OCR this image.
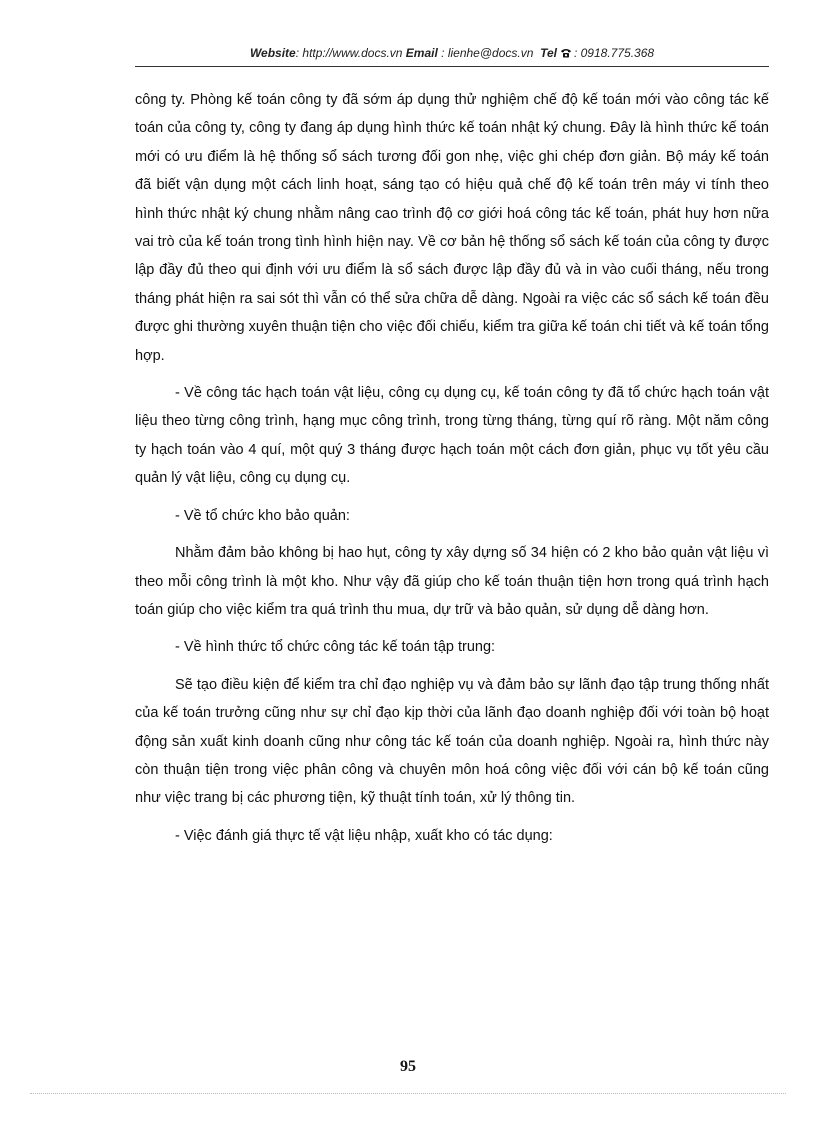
Website: http://www.docs.vn Email : lienhe@docs.vn Tel : 0918.775.368

công ty. Phòng kế toán công ty đã sớm áp dụng thử nghiệm chế độ kế toán mới vào công tác kế toán của công ty, công ty đang áp dụng hình thức kế toán nhật ký chung. Đây là hình thức kế toán mới có ưu điểm là hệ thống sổ sách tương đối gon nhẹ, việc ghi chép đơn giản. Bộ máy kế toán đã biết vận dụng một cách linh hoạt, sáng tạo có hiệu quả chế độ kế toán trên máy vi tính theo hình thức nhật ký chung nhằm nâng cao trình độ cơ giới hoá công tác kế toán, phát huy hơn nữa vai trò của kế toán trong tình hình hiện nay. Về cơ bản hệ thống sổ sách kế toán của công ty được lập đầy đủ theo qui định với ưu điểm là sổ sách được lập đầy đủ và in vào cuối tháng, nếu trong tháng phát hiện ra sai sót thì vẫn có thể sửa chữa dễ dàng. Ngoài ra việc các sổ sách kế toán đều được ghi thường xuyên thuận tiện cho việc đối chiếu, kiểm tra giữa kế toán chi tiết và kế toán tổng hợp.

- Về công tác hạch toán vật liệu, công cụ dụng cụ, kế toán công ty đã tổ chức hạch toán vật liệu theo từng công trình, hạng mục công trình, trong từng tháng, từng quí rõ ràng. Một năm công ty hạch toán vào 4 quí, một quý 3 tháng được hạch toán một cách đơn giản, phục vụ tốt yêu cầu quản lý vật liệu, công cụ dụng cụ.

- Về tổ chức kho bảo quản:

Nhằm đảm bảo không bị hao hụt, công ty xây dựng số 34 hiện có 2 kho bảo quản vật liệu vì theo mỗi công trình là một kho. Như vậy đã giúp cho kế toán thuận tiện hơn trong quá trình hạch toán giúp cho việc kiểm tra quá trình thu mua, dự trữ và bảo quản, sử dụng dễ dàng hơn.

- Về hình thức tổ chức công tác kế toán tập trung:

Sẽ tạo điều kiện để kiểm tra chỉ đạo nghiệp vụ và đảm bảo sự lãnh đạo tập trung thống nhất của kế toán trưởng cũng như sự chỉ đạo kịp thời của lãnh đạo doanh nghiệp đối với toàn bộ hoạt động sản xuất kinh doanh cũng như công tác kế toán của doanh nghiệp. Ngoài ra, hình thức này còn thuận tiện trong việc phân công và chuyên môn hoá công việc đối với cán bộ kế toán cũng như việc trang bị các phương tiện, kỹ thuật tính toán, xử lý thông tin.

- Việc đánh giá thực tế vật liệu nhập, xuất kho có tác dụng:

95
